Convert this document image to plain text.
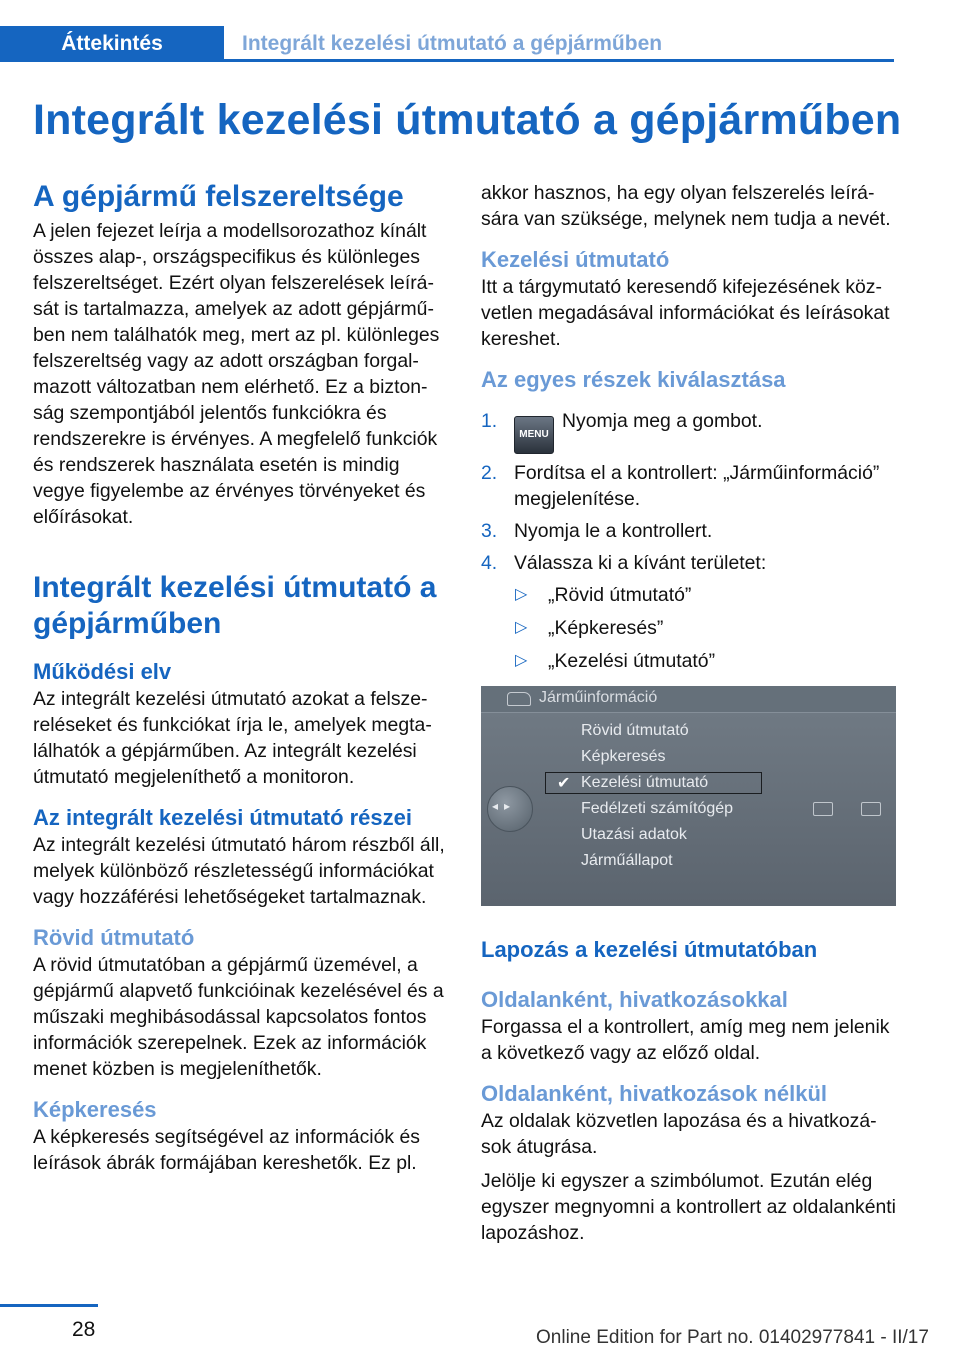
Áttekintés	Integrált kezelési útmutató a gépjárműben
Integrált kezelési útmutató a gépjárműben
A gépjármű felszereltsége

A jelen fejezet leírja a modellsorozathoz kínált összes alap-, országspecifikus és különleges felszereltséget. Ezért olyan felszerelések leírását is tartalmazza, amelyek az adott gépjárműben nem találhatók meg, mert az pl. különleges felszereltség vagy az adott országban forgalmazott változatban nem elérhető. Ez a biztonság szempontjából jelentős funkciókra és rendszerekre is érvényes. A megfelelő funkciók és rendszerek használata esetén is mindig vegye figyelembe az érvényes törvényeket és előírásokat.

Integrált kezelési útmutató a gépjárműben
Működési elv

Az integrált kezelési útmutató azokat a felszereléseket és funkciókat írja le, amelyek megtalálhatók a gépjárműben. Az integrált kezelési útmutató megjeleníthető a monitoron.

Az integrált kezelési útmutató részei

Az integrált kezelési útmutató három részből áll, melyek különböző részletességű információkat vagy hozzáférési lehetőségeket tartalmaznak.

Rövid útmutató

A rövid útmutatóban a gépjármű üzemével, a gépjármű alapvető funkcióinak kezelésével és a műszaki meghibásodással kapcsolatos fontos információk szerepelnek. Ezek az információk menet közben is megjeleníthetők.

Képkeresés

A képkeresés segítségével az információk és leírások ábrák formájában kereshetők. Ez pl.

akkor hasznos, ha egy olyan felszerelés leírására van szüksége, melynek nem tudja a nevét.

Kezelési útmutató

Itt a tárgymutató keresendő kifejezésének közvetlen megadásával információkat és leírásokat kereshet.

Az egyes részek kiválasztása
1.
MENUNyomja meg a gombot.
2. Fordítsa el a kontrollert: „Járműinformáció” megjelenítése.
3. Nyomja le a kontrollert.
4. Válassza ki a kívánt területet:
▷ „Rövid útmutató”
▷ „Képkeresés”
▷ „Kezelési útmutató”
Járműinformáció
Rövid útmutató
Képkeresés
✔ Kezelési útmutató
Fedélzeti számítógép
Utazási adatok
Járműállapot
◂▸
Lapozás a kezelési útmutatóban
Oldalanként, hivatkozásokkal

Forgassa el a kontrollert, amíg meg nem jelenik a következő vagy az előző oldal.

Oldalanként, hivatkozások nélkül

Az oldalak közvetlen lapozása és a hivatkozások átugrása.

Jelölje ki egyszer a szimbólumot. Ezután elég egyszer megnyomni a kontrollert az oldalankénti lapozáshoz.

28	Online Edition for Part no. 01402977841 - II/17
